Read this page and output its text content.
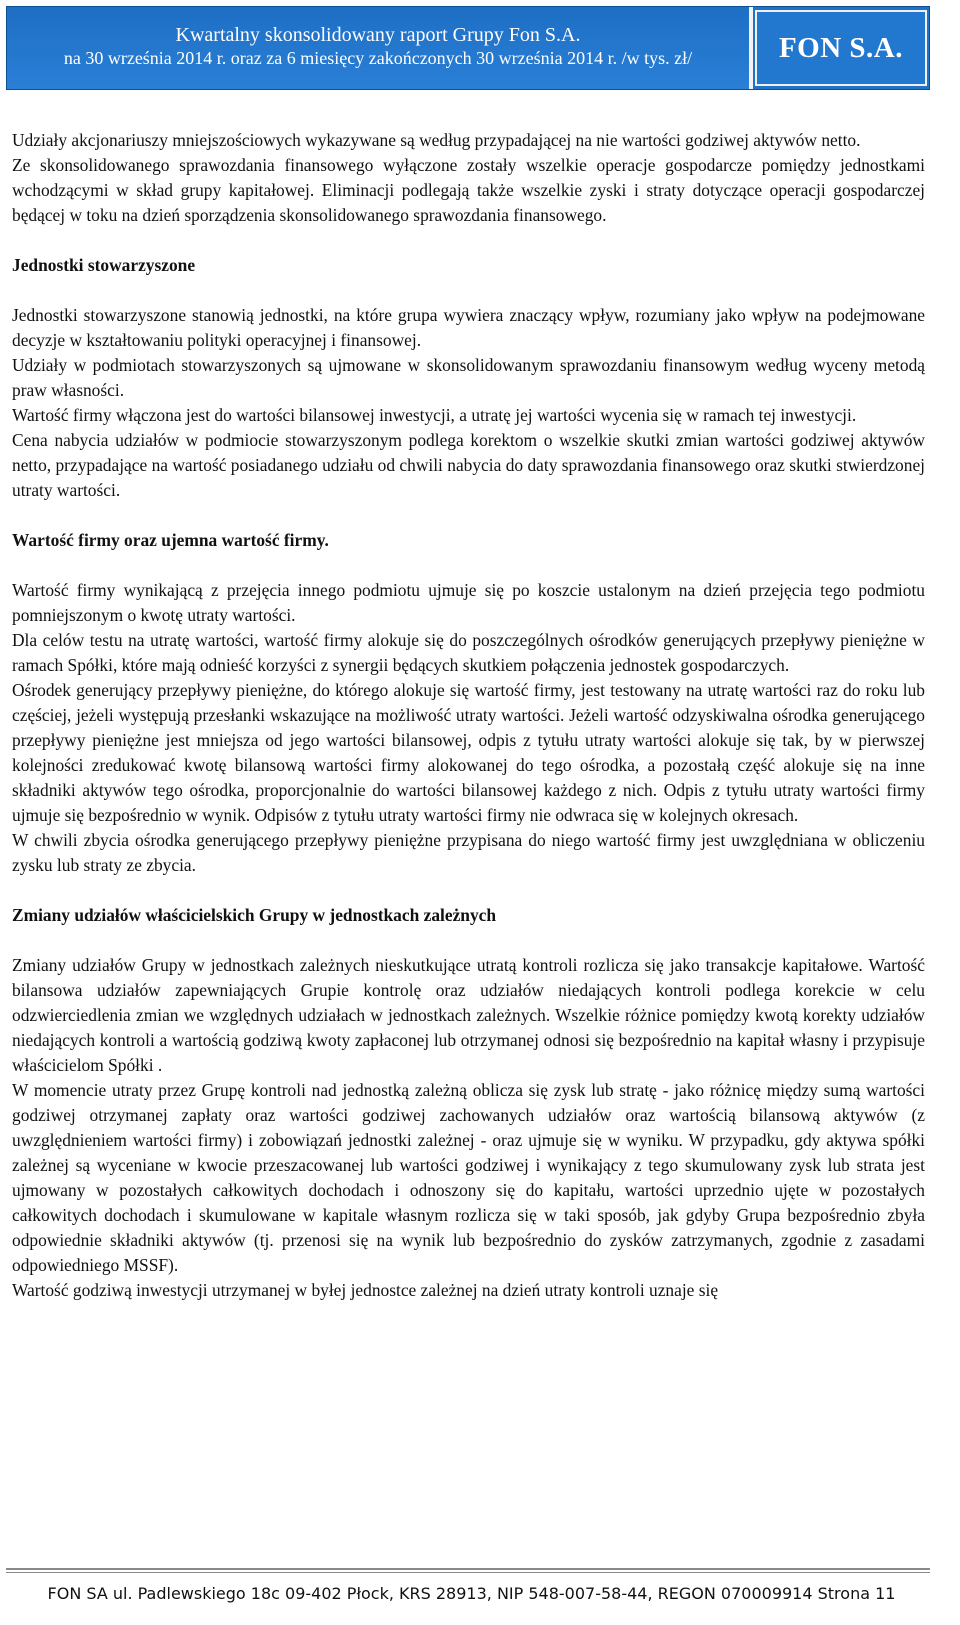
Kwartalny skonsolidowany raport Grupy Fon S.A.
na 30 września 2014 r. oraz za 6 miesięcy zakończonych 30 września 2014 r. /w tys. zł/	FON S.A.

Udziały akcjonariuszy mniejszościowych wykazywane są według przypadającej na nie wartości godziwej aktywów netto.

Ze skonsolidowanego sprawozdania finansowego wyłączone zostały wszelkie operacje gospodarcze pomiędzy jednostkami wchodzącymi w skład grupy kapitałowej. Eliminacji podlegają także wszelkie zyski i straty dotyczące operacji gospodarczej będącej w toku na dzień sporządzenia skonsolidowanego sprawozdania finansowego.

Jednostki stowarzyszone

Jednostki stowarzyszone stanowią jednostki, na które grupa wywiera znaczący wpływ, rozumiany jako wpływ na podejmowane decyzje w kształtowaniu polityki operacyjnej i finansowej.

Udziały w podmiotach stowarzyszonych są ujmowane w skonsolidowanym sprawozdaniu finansowym według wyceny metodą praw własności.

Wartość firmy włączona jest do wartości bilansowej inwestycji, a utratę jej wartości wycenia się w ramach tej inwestycji.

Cena nabycia udziałów w podmiocie stowarzyszonym podlega korektom o wszelkie skutki zmian wartości godziwej aktywów netto, przypadające na wartość posiadanego udziału od chwili nabycia do daty sprawozdania finansowego oraz skutki stwierdzonej utraty wartości.

Wartość firmy oraz ujemna wartość firmy.

Wartość firmy wynikającą z przejęcia innego podmiotu ujmuje się po koszcie ustalonym na dzień przejęcia tego podmiotu pomniejszonym o kwotę utraty wartości.

Dla celów testu na utratę wartości, wartość firmy alokuje się do poszczególnych ośrodków generujących przepływy pieniężne w ramach Spółki, które mają odnieść korzyści z synergii będących skutkiem połączenia jednostek gospodarczych.

Ośrodek generujący przepływy pieniężne, do którego alokuje się wartość firmy, jest testowany na utratę wartości raz do roku lub częściej, jeżeli występują przesłanki wskazujące na możliwość utraty wartości. Jeżeli wartość odzyskiwalna ośrodka generującego przepływy pieniężne jest mniejsza od jego wartości bilansowej, odpis z tytułu utraty wartości alokuje się tak, by w pierwszej kolejności zredukować kwotę bilansową wartości firmy alokowanej do tego ośrodka, a pozostałą część alokuje się na inne składniki aktywów tego ośrodka, proporcjonalnie do wartości bilansowej każdego z nich. Odpis z tytułu utraty wartości firmy ujmuje się bezpośrednio w wynik. Odpisów z tytułu utraty wartości firmy nie odwraca się w kolejnych okresach.

W chwili zbycia ośrodka generującego przepływy pieniężne przypisana do niego wartość firmy jest uwzględniana w obliczeniu zysku lub straty ze zbycia.

Zmiany udziałów właścicielskich Grupy w jednostkach zależnych

Zmiany udziałów Grupy w jednostkach zależnych nieskutkujące utratą kontroli rozlicza się jako transakcje kapitałowe. Wartość bilansowa udziałów zapewniających Grupie kontrolę oraz udziałów niedających kontroli podlega korekcie w celu odzwierciedlenia zmian we względnych udziałach w jednostkach zależnych. Wszelkie różnice pomiędzy kwotą korekty udziałów niedających kontroli a wartością godziwą kwoty zapłaconej lub otrzymanej odnosi się bezpośrednio na kapitał własny i przypisuje właścicielom Spółki .

W momencie utraty przez Grupę kontroli nad jednostką zależną oblicza się zysk lub stratę - jako różnicę między sumą wartości godziwej otrzymanej zapłaty oraz wartości godziwej zachowanych udziałów oraz wartością bilansową aktywów (z uwzględnieniem wartości firmy) i zobowiązań jednostki zależnej - oraz ujmuje się w wyniku. W przypadku, gdy aktywa spółki zależnej są wyceniane w kwocie przeszacowanej lub wartości godziwej i wynikający z tego skumulowany zysk lub strata jest ujmowany w pozostałych całkowitych dochodach i odnoszony się do kapitału, wartości uprzednio ujęte w pozostałych całkowitych dochodach i skumulowane w kapitale własnym rozlicza się w taki sposób, jak gdyby Grupa bezpośrednio zbyła odpowiednie składniki aktywów (tj. przenosi się na wynik lub bezpośrednio do zysków zatrzymanych, zgodnie z zasadami odpowiedniego MSSF).

Wartość godziwą inwestycji utrzymanej w byłej jednostce zależnej na dzień utraty kontroli uznaje się

FON SA ul. Padlewskiego 18c 09-402 Płock, KRS 28913, NIP 548-007-58-44, REGON 070009914 Strona 11
